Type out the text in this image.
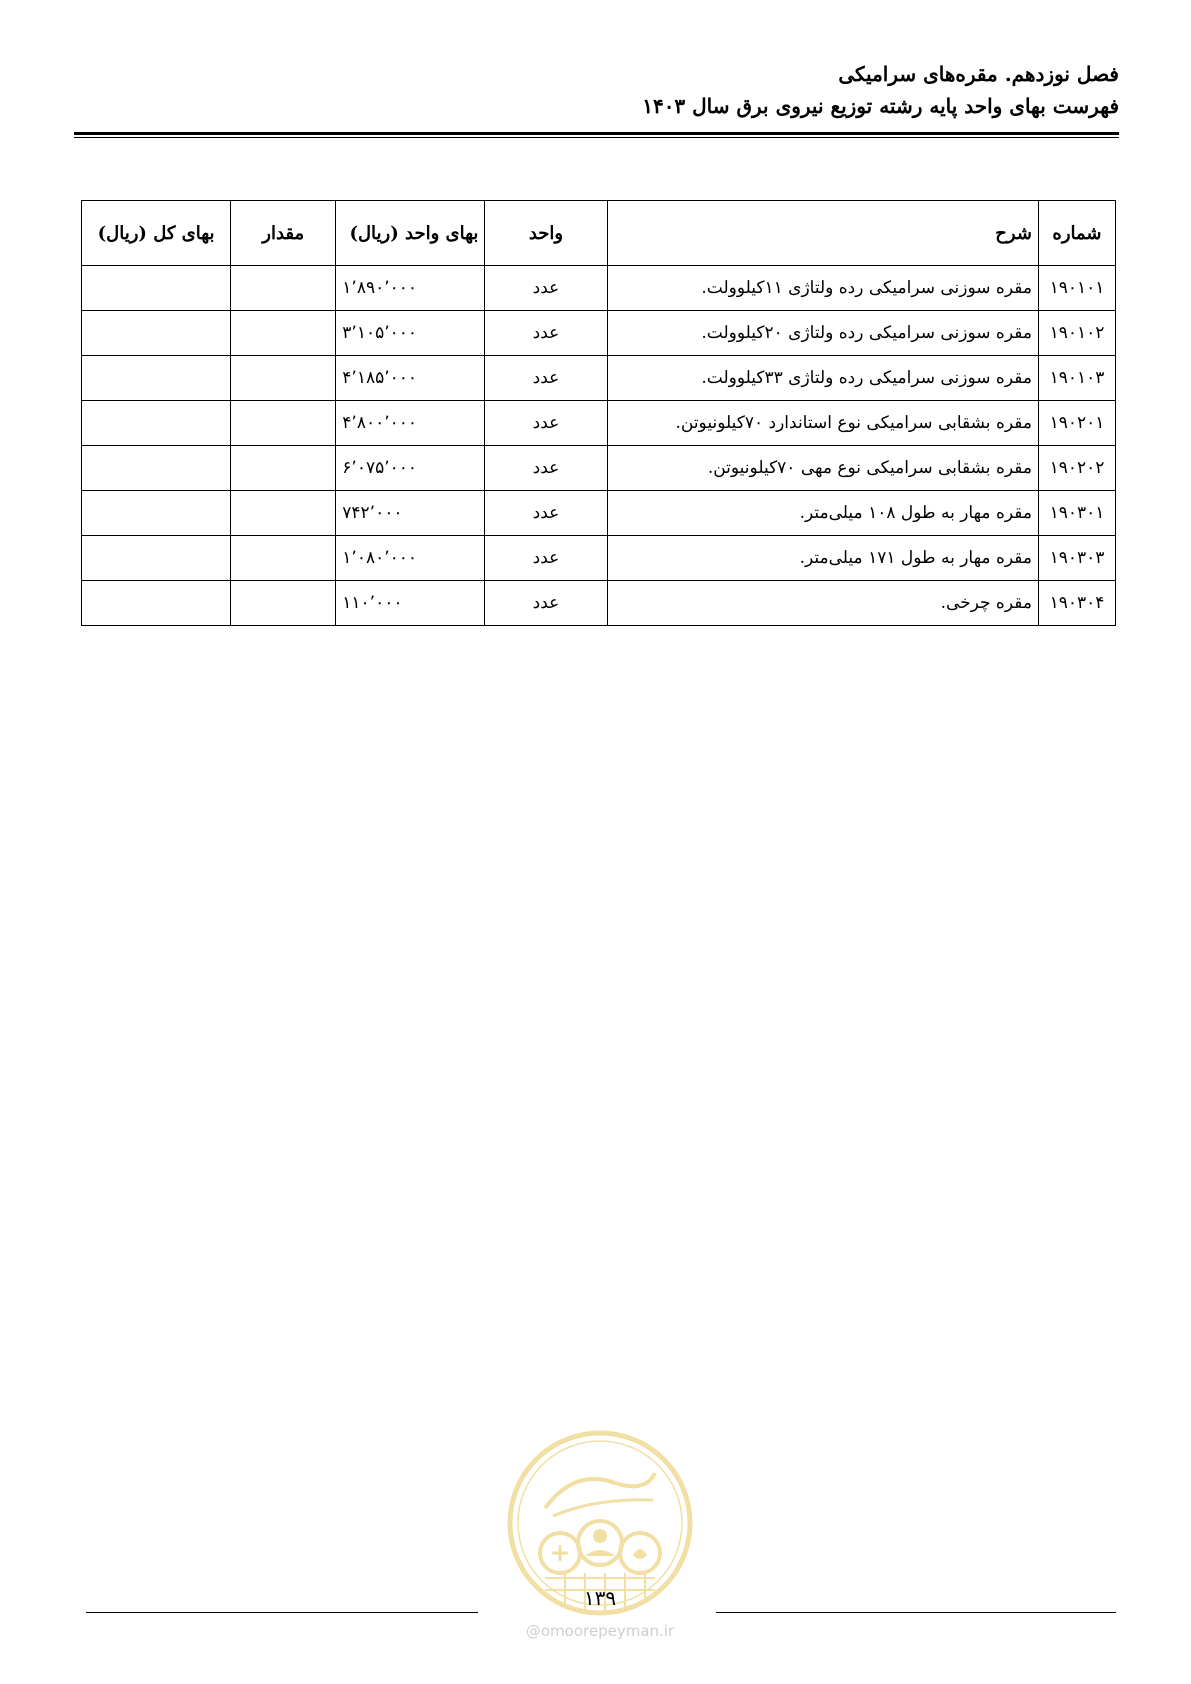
فصل نوزدهم. مقره‌های سرامیکی
فهرست بهای واحد پایه رشته توزیع نیروی برق سال ۱۴۰۳
شماره	شرح	واحد	بهای واحد (ریال)	مقدار	بهای کل (ریال)
۱۹۰۱۰۱	مقره سوزنی سرامیکی رده ولتاژی ۱۱کیلوولت.	عدد	۱٬۸۹۰٬۰۰۰		
۱۹۰۱۰۲	مقره سوزنی سرامیکی رده ولتاژی ۲۰کیلوولت.	عدد	۳٬۱۰۵٬۰۰۰		
۱۹۰۱۰۳	مقره سوزنی سرامیکی رده ولتاژی ۳۳کیلوولت.	عدد	۴٬۱۸۵٬۰۰۰		
۱۹۰۲۰۱	مقره بشقابی سرامیکی نوع استاندارد ۷۰کیلونیوتن.	عدد	۴٬۸۰۰٬۰۰۰		
۱۹۰۲۰۲	مقره بشقابی سرامیکی نوع مهی ۷۰کیلونیوتن.	عدد	۶٬۰۷۵٬۰۰۰		
۱۹۰۳۰۱	مقره مهار به طول ۱۰۸ میلی‌متر.	عدد	۷۴۲٬۰۰۰		
۱۹۰۳۰۳	مقره مهار به طول ۱۷۱ میلی‌متر.	عدد	۱٬۰۸۰٬۰۰۰		
۱۹۰۳۰۴	مقره چرخی.	عدد	۱۱۰٬۰۰۰		
۱۳۹
@omoorepeyman.ir
